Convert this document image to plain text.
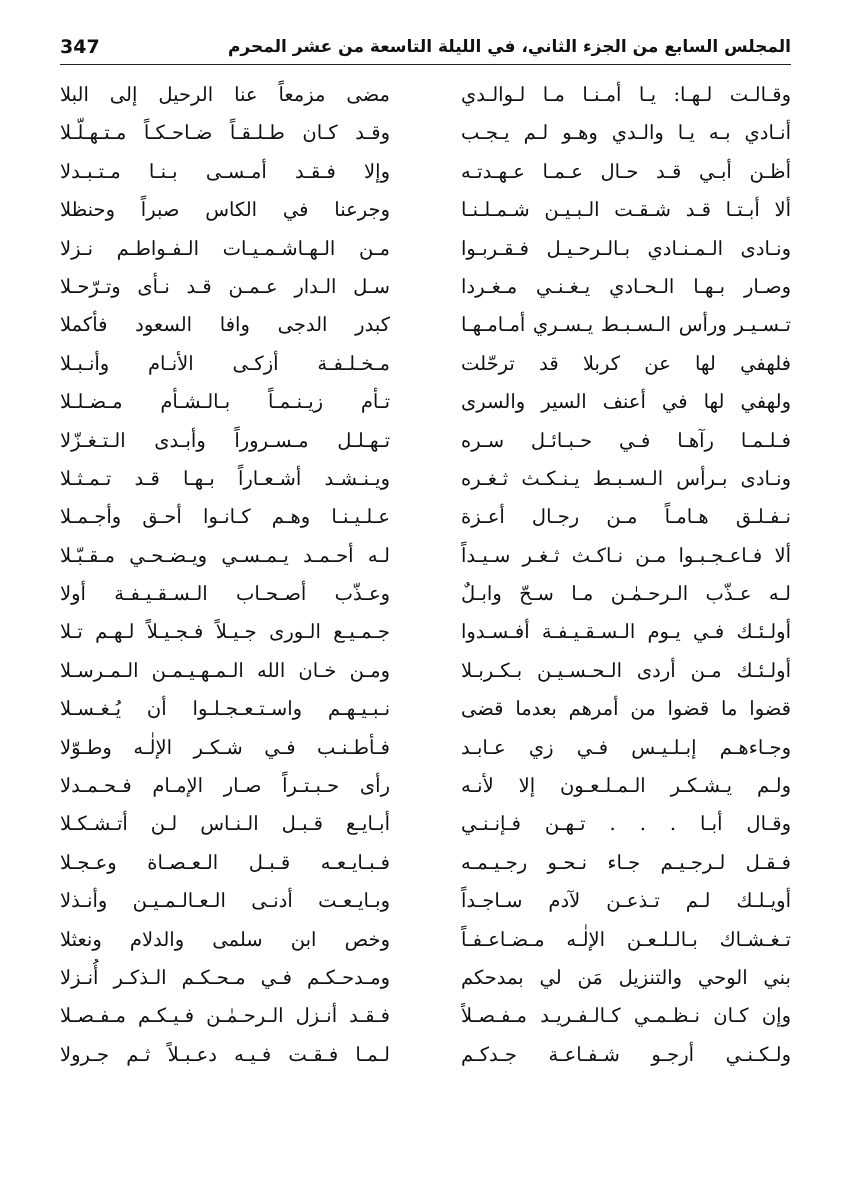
347	المجلس السابع من الجزء الثاني، في الليلة التاسعة من عشر المحرم
وقـالـت لـهـا: يـا أمـنـا مـا لـوالـدي
أنـادي بـه يـا والـدي وهـو لـم يـجـب
أظـن أبـي قـد حـال عـمـا عـهـدتـه
ألا أبـتـا قـد شـقـت الـبـيـن شـمـلـنـا
ونـادى الـمـنـادي بـالـرحـيـل فـقـربـوا
وصـار بـهـا الـحـادي يـغـنـي مـغـردا
تـسـيـر ورأس الـسـبـط يـسـري أمـامـهـا
فلهفي لها عن كربلا قد ترحّلت
ولهفي لها في أعنف السير والسرى
فـلـمـا رآهـا فـي حـبـائـل سـره
ونـادى بـرأس الـسـبـط يـنـكـث ثـغـره
نـفـلـق هـامـاً مـن رجـال أعـزة
ألا فـاعـجـبـوا مـن نـاكـث ثـغـر سـيـداً
لـه عـذّب الـرحـمٰـن مـا سـحّ وابـلٌ
أولـئـك فـي يـوم الـسـقـيـفـة أفـسـدوا
أولـئـك مـن أردى الـحـسـيـن بـكـربـلا
قضوا ما قضوا من أمرهم بعدما قضى
وجـاءهـم إبـلـيـس فـي زي عـابـد
ولـم يـشـكـر الـمـلـعـون إلا لأنـه
وقـال أبـا . . . تـهـن فـإنـنـي
فـقـل لـرجـيـم جـاء نـحـو رجـيـمـه
أويـلـك لـم تـذعـن لآدم سـاجـداً
تـغـشـاك بـالـلـعـن الإلٰـه مـضـاعـفـاً
بني الوحي والتنزيل مَن لي بمدحكم
وإن كـان نـظـمـي كـالـفـريـد مـفـصـلاً
ولـكـنـي أرجـو شـفـاعـة جـدكـم
مضى مزمعاً عنا الرحيل إلى البلا
وقـد كـان طـلـقـاً ضـاحـكـاً مـتـهـلّـلا
وإلا فـقـد أمـسـى بـنـا مـتـبـدلا
وجرعنا في الكاس صبراً وحنظلا
مـن الـهـاشـمـيـات الـفـواطـم نـزلا
سـل الـدار عـمـن قـد نـأى وتـرّحـلا
كبدر الدجى وافا السعود فأكملا
مـخـلـفـة أزكـى الأنـام وأنـبـلا
تـأم زيـنـمـاً بـالـشـأم مـضـلـلا
تـهـلـل مـسـروراً وأبـدى الـتـغـزّلا
ويـنـشـد أشـعـاراً بـهـا قـد تـمـثـلا
عـلـيـنـا وهـم كـانـوا أحـق وأجـمـلا
لـه أحـمـد يـمـسـي ويـضـحـي مـقـبّـلا
وعـذّب أصـحـاب الـسـقـيـفـة أولا
جـمـيـع الـورى جـيـلاً فـجـيـلاً لـهـم تـلا
ومـن خـان الله الـمـهـيـمـن الـمـرسـلا
نـبـيـهـم واسـتـعـجـلـوا أن يُـغـسـلا
فـأطـنـب فـي شـكـر الإلٰـه وطـوّلا
رأى حـبـتـراً صـار الإمـام فـحـمـدلا
أبـايـع قـبـل الـنـاس لـن أتـشـكـلا
فـبـايـعـه قـبـل الـعـصـاة وعـجـلا
وبـايـعـت أدنـى الـعـالـمـيـن وأنـذلا
وخص ابن سلمى والدلام ونعثلا
ومـدحـكـم فـي مـحـكـم الـذكـر أُنـزلا
فـقـد أنـزل الـرحـمٰـن فـيـكـم مـفـصـلا
لـمـا فـقـت فـيـه دعـبـلاً ثـم جـرولا
